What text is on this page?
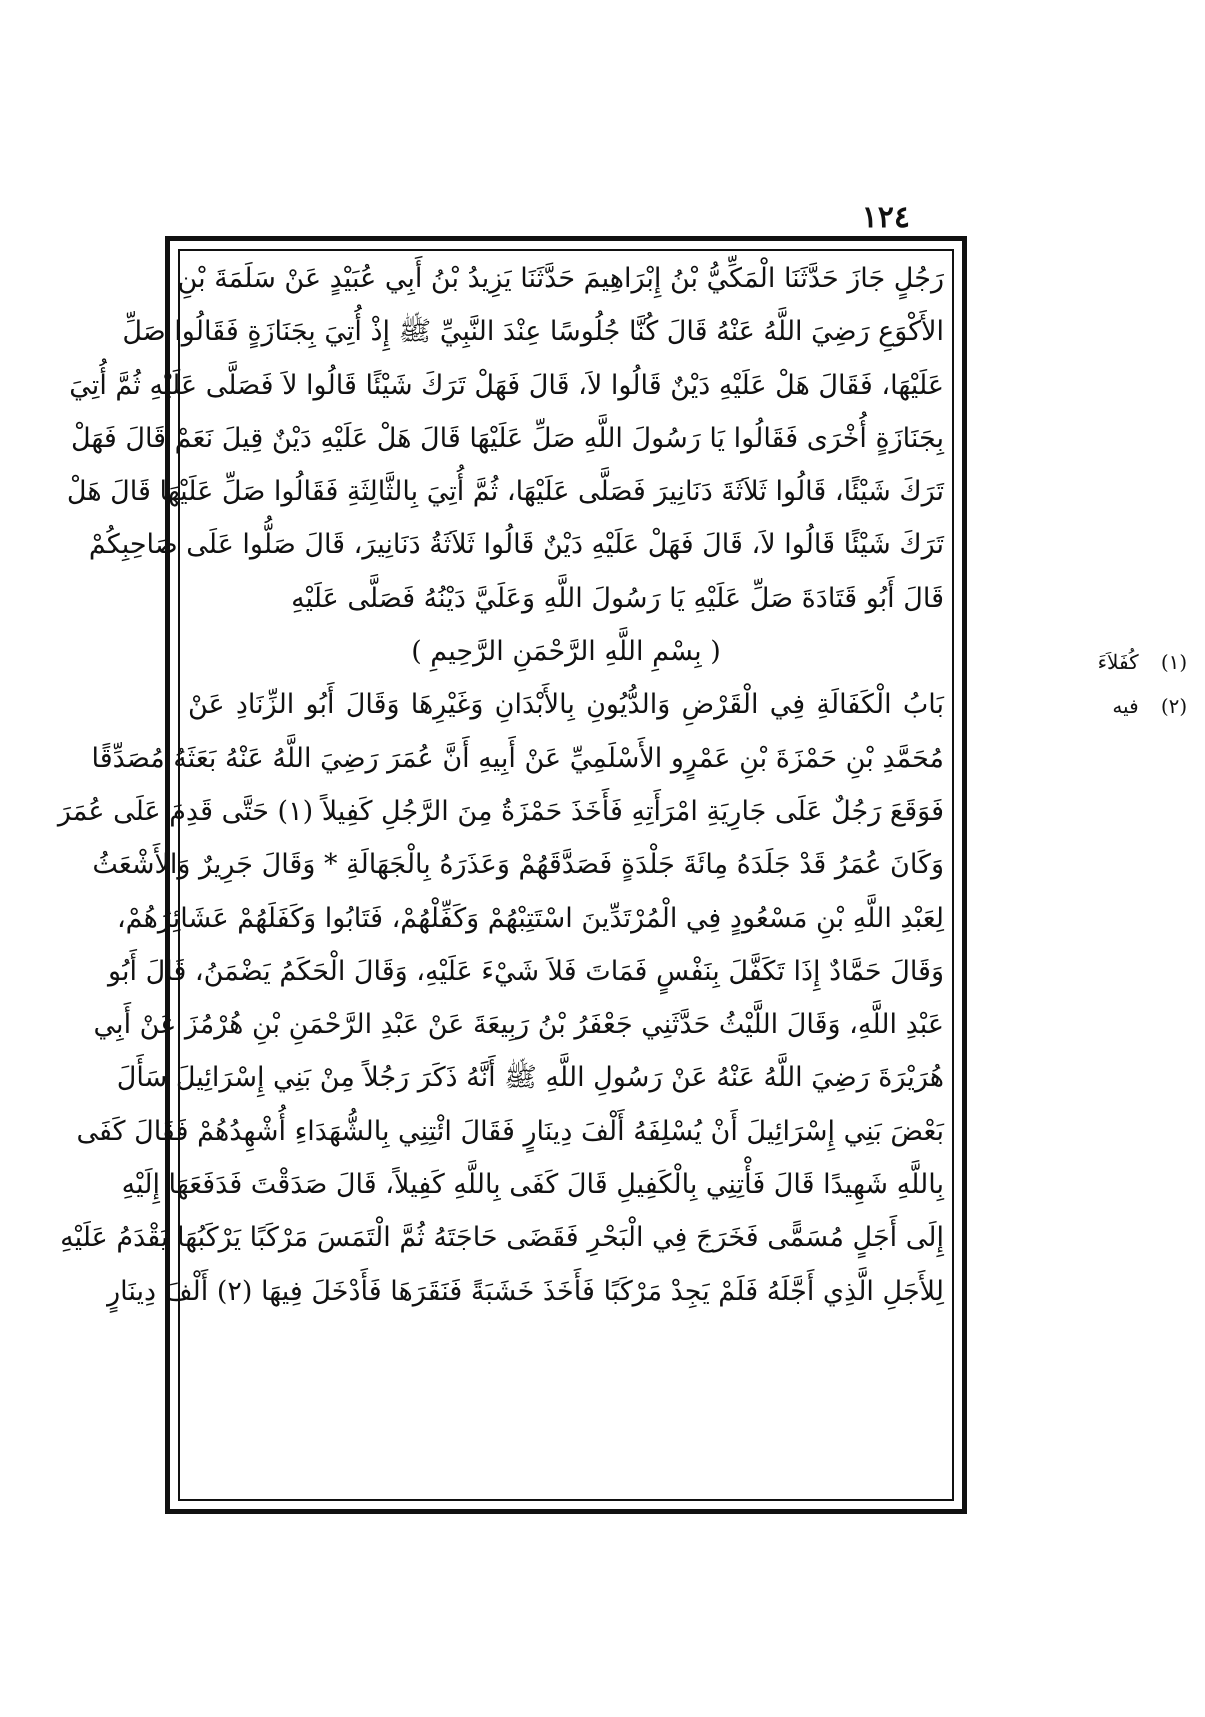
١٢٤
رَجُلٍ جَازَ حَدَّثَنَا الْمَكِّيُّ بْنُ إِبْرَاهِيمَ حَدَّثَنَا يَزِيدُ بْنُ أَبِي عُبَيْدٍ عَنْ سَلَمَةَ بْنِ
الأَكْوَعِ رَضِيَ اللَّهُ عَنْهُ قَالَ كُنَّا جُلُوسًا عِنْدَ النَّبِيِّ ﷺ إِذْ أُتِيَ بِجَنَازَةٍ فَقَالُوا صَلِّ
عَلَيْهَا، فَقَالَ هَلْ عَلَيْهِ دَيْنٌ قَالُوا لاَ، قَالَ فَهَلْ تَرَكَ شَيْئًا قَالُوا لاَ فَصَلَّى عَلَيْهِ ثُمَّ أُتِيَ
بِجَنَازَةٍ أُخْرَى فَقَالُوا يَا رَسُولَ اللَّهِ صَلِّ عَلَيْهَا قَالَ هَلْ عَلَيْهِ دَيْنٌ قِيلَ نَعَمْ قَالَ فَهَلْ
تَرَكَ شَيْئًا، قَالُوا ثَلاَثَةَ دَنَانِيرَ فَصَلَّى عَلَيْهَا، ثُمَّ أُتِيَ بِالثَّالِثَةِ فَقَالُوا صَلِّ عَلَيْهَا قَالَ هَلْ
تَرَكَ شَيْئًا قَالُوا لاَ، قَالَ فَهَلْ عَلَيْهِ دَيْنٌ قَالُوا ثَلاَثَةُ دَنَانِيرَ، قَالَ صَلُّوا عَلَى صَاحِبِكُمْ
قَالَ أَبُو قَتَادَةَ صَلِّ عَلَيْهِ يَا رَسُولَ اللَّهِ وَعَلَيَّ دَيْنُهُ فَصَلَّى عَلَيْهِ
( بِسْمِ اللَّهِ الرَّحْمَنِ الرَّحِيمِ )
بَابُ الْكَفَالَةِ فِي الْقَرْضِ وَالدُّيُونِ بِالأَبْدَانِ وَغَيْرِهَا وَقَالَ أَبُو الزِّنَادِ عَنْ
مُحَمَّدِ بْنِ حَمْزَةَ بْنِ عَمْرٍو الأَسْلَمِيِّ عَنْ أَبِيهِ أَنَّ عُمَرَ رَضِيَ اللَّهُ عَنْهُ بَعَثَهُ مُصَدِّقًا
فَوَقَعَ رَجُلٌ عَلَى جَارِيَةِ امْرَأَتِهِ فَأَخَذَ حَمْزَةُ مِنَ الرَّجُلِ كَفِيلاً (١) حَتَّى قَدِمَ عَلَى عُمَرَ
وَكَانَ عُمَرُ قَدْ جَلَدَهُ مِائَةَ جَلْدَةٍ فَصَدَّقَهُمْ وَعَذَرَهُ بِالْجَهَالَةِ * وَقَالَ جَرِيرٌ وَالأَشْعَثُ
لِعَبْدِ اللَّهِ بْنِ مَسْعُودٍ فِي الْمُرْتَدِّينَ اسْتَتِبْهُمْ وَكَفِّلْهُمْ، فَتَابُوا وَكَفَلَهُمْ عَشَائِرُهُمْ،
وَقَالَ حَمَّادٌ إِذَا تَكَفَّلَ بِنَفْسٍ فَمَاتَ فَلاَ شَيْءَ عَلَيْهِ، وَقَالَ الْحَكَمُ يَضْمَنُ، قَالَ أَبُو
عَبْدِ اللَّهِ، وَقَالَ اللَّيْثُ حَدَّثَنِي جَعْفَرُ بْنُ رَبِيعَةَ عَنْ عَبْدِ الرَّحْمَنِ بْنِ هُرْمُزَ عَنْ أَبِي
هُرَيْرَةَ رَضِيَ اللَّهُ عَنْهُ عَنْ رَسُولِ اللَّهِ ﷺ أَنَّهُ ذَكَرَ رَجُلاً مِنْ بَنِي إِسْرَائِيلَ سَأَلَ
بَعْضَ بَنِي إِسْرَائِيلَ أَنْ يُسْلِفَهُ أَلْفَ دِينَارٍ فَقَالَ ائْتِنِي بِالشُّهَدَاءِ أُشْهِدُهُمْ فَقَالَ كَفَى
بِاللَّهِ شَهِيدًا قَالَ فَأْتِنِي بِالْكَفِيلِ قَالَ كَفَى بِاللَّهِ كَفِيلاً، قَالَ صَدَقْتَ فَدَفَعَهَا إِلَيْهِ
إِلَى أَجَلٍ مُسَمًّى فَخَرَجَ فِي الْبَحْرِ فَقَضَى حَاجَتَهُ ثُمَّ الْتَمَسَ مَرْكَبًا يَرْكَبُهَا يَقْدَمُ عَلَيْهِ
لِلأَجَلِ الَّذِي أَجَّلَهُ فَلَمْ يَجِدْ مَرْكَبًا فَأَخَذَ خَشَبَةً فَنَقَرَهَا فَأَدْخَلَ فِيهَا (٢) أَلْفَ دِينَارٍ
(١) كُفَلاَءَ
(٢) فيه
